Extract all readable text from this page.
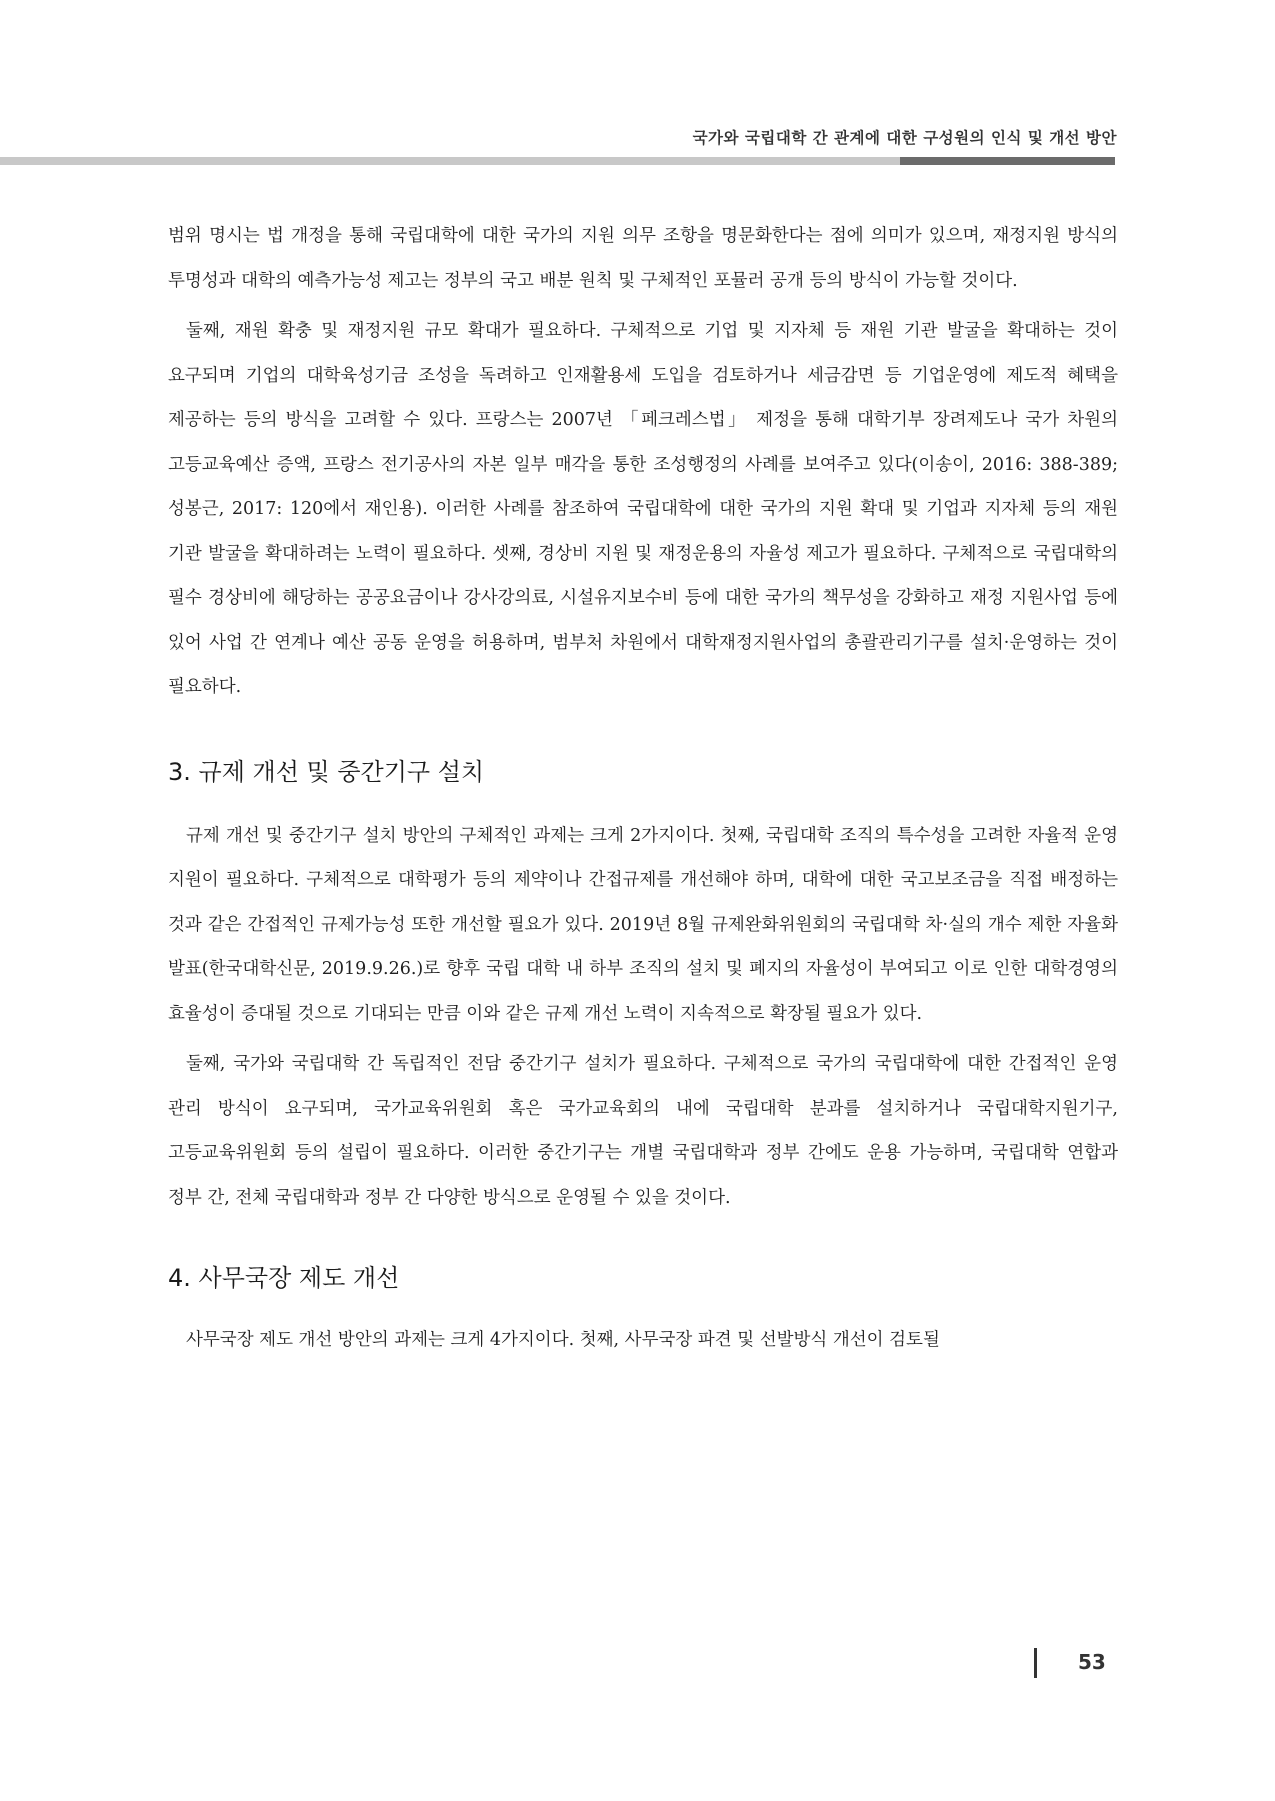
국가와 국립대학 간 관계에 대한 구성원의 인식 및 개선 방안

범위 명시는 법 개정을 통해 국립대학에 대한 국가의 지원 의무 조항을 명문화한다는 점에 의미가 있으며, 재정지원 방식의 투명성과 대학의 예측가능성 제고는 정부의 국고 배분 원칙 및 구체적인 포뮬러 공개 등의 방식이 가능할 것이다.

둘째, 재원 확충 및 재정지원 규모 확대가 필요하다. 구체적으로 기업 및 지자체 등 재원 기관 발굴을 확대하는 것이 요구되며 기업의 대학육성기금 조성을 독려하고 인재활용세 도입을 검토하거나 세금감면 등 기업운영에 제도적 혜택을 제공하는 등의 방식을 고려할 수 있다. 프랑스는 2007년 「페크레스법」 제정을 통해 대학기부 장려제도나 국가 차원의 고등교육예산 증액, 프랑스 전기공사의 자본 일부 매각을 통한 조성행정의 사례를 보여주고 있다(이송이, 2016: 388-389; 성봉근, 2017: 120에서 재인용). 이러한 사례를 참조하여 국립대학에 대한 국가의 지원 확대 및 기업과 지자체 등의 재원 기관 발굴을 확대하려는 노력이 필요하다. 셋째, 경상비 지원 및 재정운용의 자율성 제고가 필요하다. 구체적으로 국립대학의 필수 경상비에 해당하는 공공요금이나 강사강의료, 시설유지보수비 등에 대한 국가의 책무성을 강화하고 재정 지원사업 등에 있어 사업 간 연계나 예산 공동 운영을 허용하며, 범부처 차원에서 대학재정지원사업의 총괄관리기구를 설치·운영하는 것이 필요하다.

3. 규제 개선 및 중간기구 설치

규제 개선 및 중간기구 설치 방안의 구체적인 과제는 크게 2가지이다. 첫째, 국립대학 조직의 특수성을 고려한 자율적 운영 지원이 필요하다. 구체적으로 대학평가 등의 제약이나 간접규제를 개선해야 하며, 대학에 대한 국고보조금을 직접 배정하는 것과 같은 간접적인 규제가능성 또한 개선할 필요가 있다. 2019년 8월 규제완화위원회의 국립대학 차·실의 개수 제한 자율화 발표(한국대학신문, 2019.9.26.)로 향후 국립 대학 내 하부 조직의 설치 및 폐지의 자율성이 부여되고 이로 인한 대학경영의 효율성이 증대될 것으로 기대되는 만큼 이와 같은 규제 개선 노력이 지속적으로 확장될 필요가 있다.

둘째, 국가와 국립대학 간 독립적인 전담 중간기구 설치가 필요하다. 구체적으로 국가의 국립대학에 대한 간접적인 운영 관리 방식이 요구되며, 국가교육위원회 혹은 국가교육회의 내에 국립대학 분과를 설치하거나 국립대학지원기구, 고등교육위원회 등의 설립이 필요하다. 이러한 중간기구는 개별 국립대학과 정부 간에도 운용 가능하며, 국립대학 연합과 정부 간, 전체 국립대학과 정부 간 다양한 방식으로 운영될 수 있을 것이다.

4. 사무국장 제도 개선

사무국장 제도 개선 방안의 과제는 크게 4가지이다. 첫째, 사무국장 파견 및 선발방식 개선이 검토될

53
